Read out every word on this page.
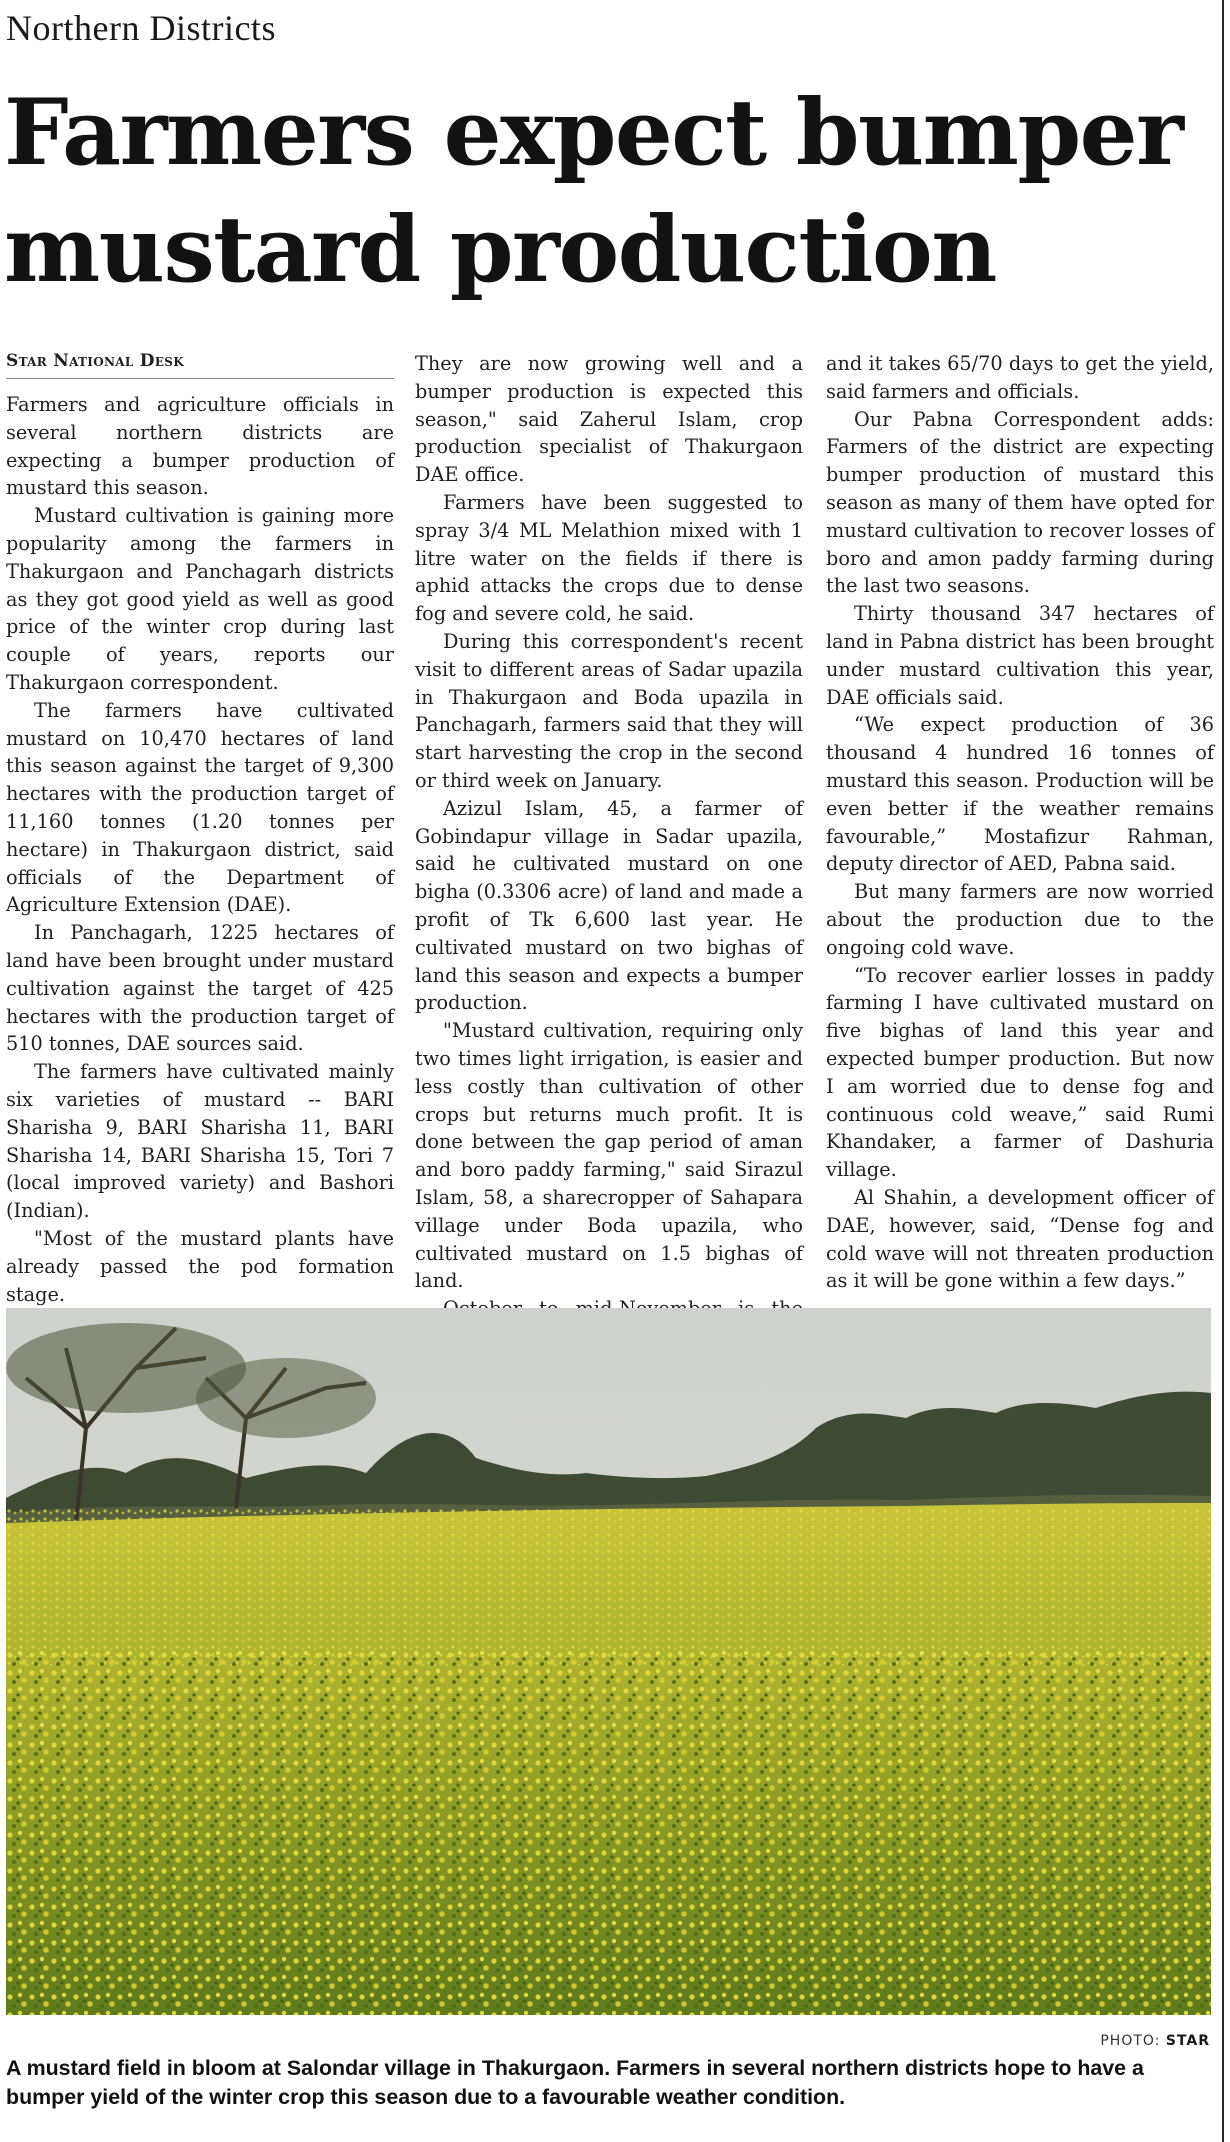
Northern Districts
Farmers expect bumper mustard production
Star National Desk

Farmers and agriculture officials in several northern districts are expecting a bumper production of mustard this season.

Mustard cultivation is gaining more popularity among the farmers in Thakurgaon and Panchagarh districts as they got good yield as well as good price of the winter crop during last couple of years, reports our Thakurgaon correspondent.

The farmers have cultivated mustard on 10,470 hectares of land this season against the target of 9,300 hectares with the production target of 11,160 tonnes (1.20 tonnes per hectare) in Thakurgaon district, said officials of the Department of Agriculture Extension (DAE).

In Panchagarh, 1225 hectares of land have been brought under mustard cultivation against the target of 425 hectares with the production target of 510 tonnes, DAE sources said.

The farmers have cultivated mainly six varieties of mustard -- BARI Sharisha 9, BARI Sharisha 11, BARI Sharisha 14, BARI Sharisha 15, Tori 7 (local improved variety) and Bashori (Indian).

"Most of the mustard plants have already passed the pod formation stage.

They are now growing well and a bumper production is expected this season," said Zaherul Islam, crop production specialist of Thakurgaon DAE office.

Farmers have been suggested to spray 3/4 ML Melathion mixed with 1 litre water on the fields if there is aphid attacks the crops due to dense fog and severe cold, he said.

During this correspondent's recent visit to different areas of Sadar upazila in Thakurgaon and Boda upazila in Panchagarh, farmers said that they will start harvesting the crop in the second or third week on January.

Azizul Islam, 45, a farmer of Gobindapur village in Sadar upazila, said he cultivated mustard on one bigha (0.3306 acre) of land and made a profit of Tk 6,600 last year. He cultivated mustard on two bighas of land this season and expects a bumper production.

"Mustard cultivation, requiring only two times light irrigation, is easier and less costly than cultivation of other crops but returns much profit. It is done between the gap period of aman and boro paddy farming," said Sirazul Islam, 58, a sharecropper of Sahapara village under Boda upazila, who cultivated mustard on 1.5 bighas of land.

and it takes 65/70 days to get the yield, said farmers and officials.

Our Pabna Correspondent adds: Farmers of the district are expecting bumper production of mustard this season as many of them have opted for mustard cultivation to recover losses of boro and amon paddy farming during the last two seasons.

Thirty thousand 347 hectares of land in Pabna district has been brought under mustard cultivation this year, DAE officials said.

“We expect production of 36 thousand 4 hundred 16 tonnes of mustard this season. Production will be even better if the weather remains favourable,” Mostafizur Rahman, deputy director of AED, Pabna said.

But many farmers are now worried about the production due to the ongoing cold wave.

“To recover earlier losses in paddy farming I have cultivated mustard on five bighas of land this year and expected bumper production. But now I am worried due to dense fog and continuous cold weave,” said Rumi Khandaker, a farmer of Dashuria village.

Al Shahin, a development officer of DAE, however, said, “Dense fog and cold wave will not threaten production as it will be gone within a few days.”

PHOTO: STAR

A mustard field in bloom at Salondar village in Thakurgaon. Farmers in several northern districts hope to have a bumper yield of the winter crop this season due to a favourable weather condition.
